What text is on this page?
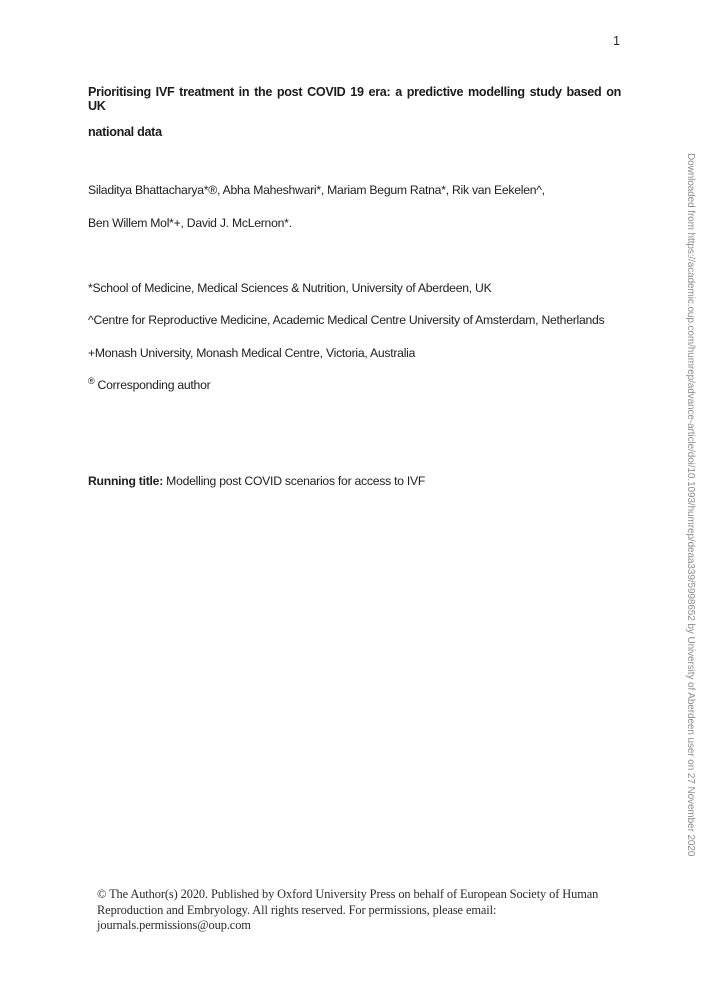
1
Prioritising IVF treatment in the post COVID 19 era: a predictive modelling study based on UK
national data
Siladitya Bhattacharya*®, Abha Maheshwari*, Mariam Begum Ratna*, Rik van Eekelen^,
Ben Willem Mol*+, David J. McLernon*.
*School of Medicine, Medical Sciences & Nutrition, University of Aberdeen, UK
^Centre for Reproductive Medicine, Academic Medical Centre University of Amsterdam, Netherlands
+Monash University, Monash Medical Centre, Victoria, Australia
® Corresponding author
Running title: Modelling post COVID scenarios for access to IVF
© The Author(s) 2020. Published by Oxford University Press on behalf of European Society of Human Reproduction and Embryology. All rights reserved. For permissions, please email: journals.permissions@oup.com
Downloaded from https://academic.oup.com/humrep/advance-article/doi/10.1093/humrep/deaa339/5998652 by University of Aberdeen user on 27 November 2020
